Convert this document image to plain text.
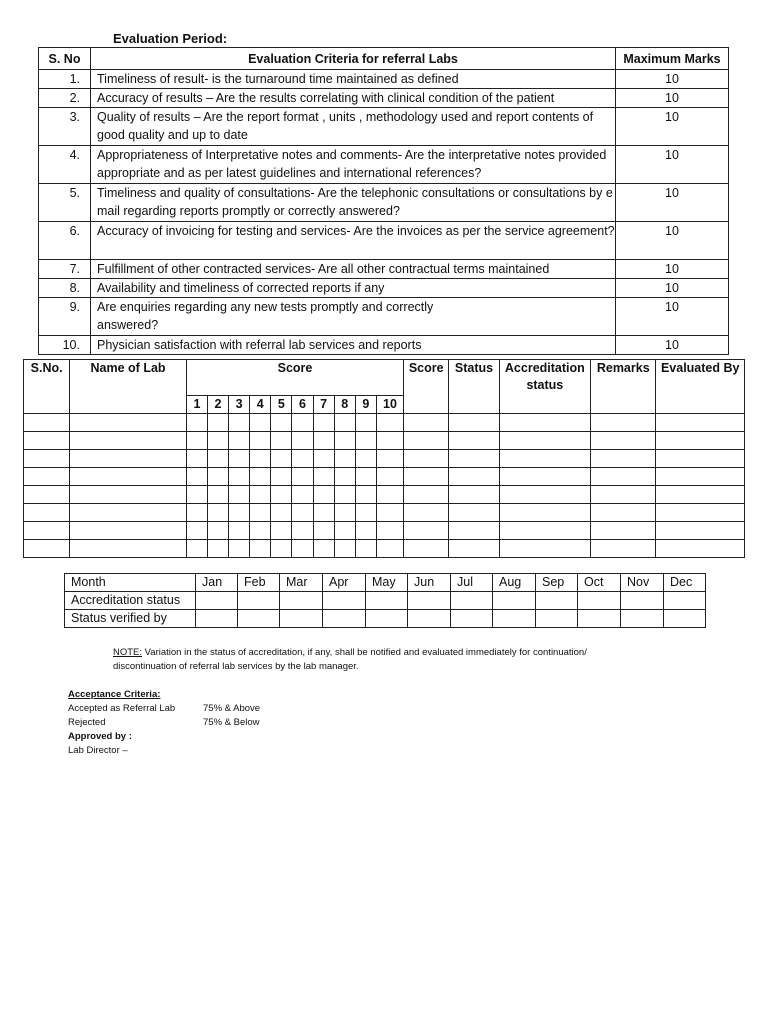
Evaluation Period:
S. No	Evaluation Criteria for referral Labs	Maximum Marks
1.	Timeliness of result- is the turnaround time maintained as defined	10
2.	Accuracy of results – Are the results correlating with clinical condition of the patient	10
3.	Quality of results – Are the report format , units , methodology used and report contents of good quality and up to date	10
4.	Appropriateness of Interpretative notes and comments- Are the interpretative notes provided appropriate and as per latest guidelines and international references?	10
5.	Timeliness and quality of consultations- Are the telephonic consultations or consultations by e mail regarding reports promptly or correctly answered?	10
6.	Accuracy of invoicing for testing and services- Are the invoices as per the service agreement?	10
7.	Fulfillment of other contracted services- Are all other contractual terms maintained	10
8.	Availability and timeliness of corrected reports if any	10
9.	Are enquiries regarding any new tests promptly and correctly answered?	10
10.	Physician satisfaction with referral lab services and reports	10
S.No.	Name of Lab	Score										Score	Status	Accreditation status	Remarks	Evaluated By
		1	2	3	4	5	6	7	8	9	10					

Month	Jan	Feb	Mar	Apr	May	Jun	Jul	Aug	Sep	Oct	Nov	Dec
Accreditation status												
Status verified by												
NOTE: Variation in the status of accreditation, if any, shall be notified and evaluated immediately for continuation/
discontinuation of referral lab services by the lab manager.
Acceptance Criteria:
Accepted as Referral Lab	75% & Above
Rejected	75% & Below
Approved by :
Lab Director –
